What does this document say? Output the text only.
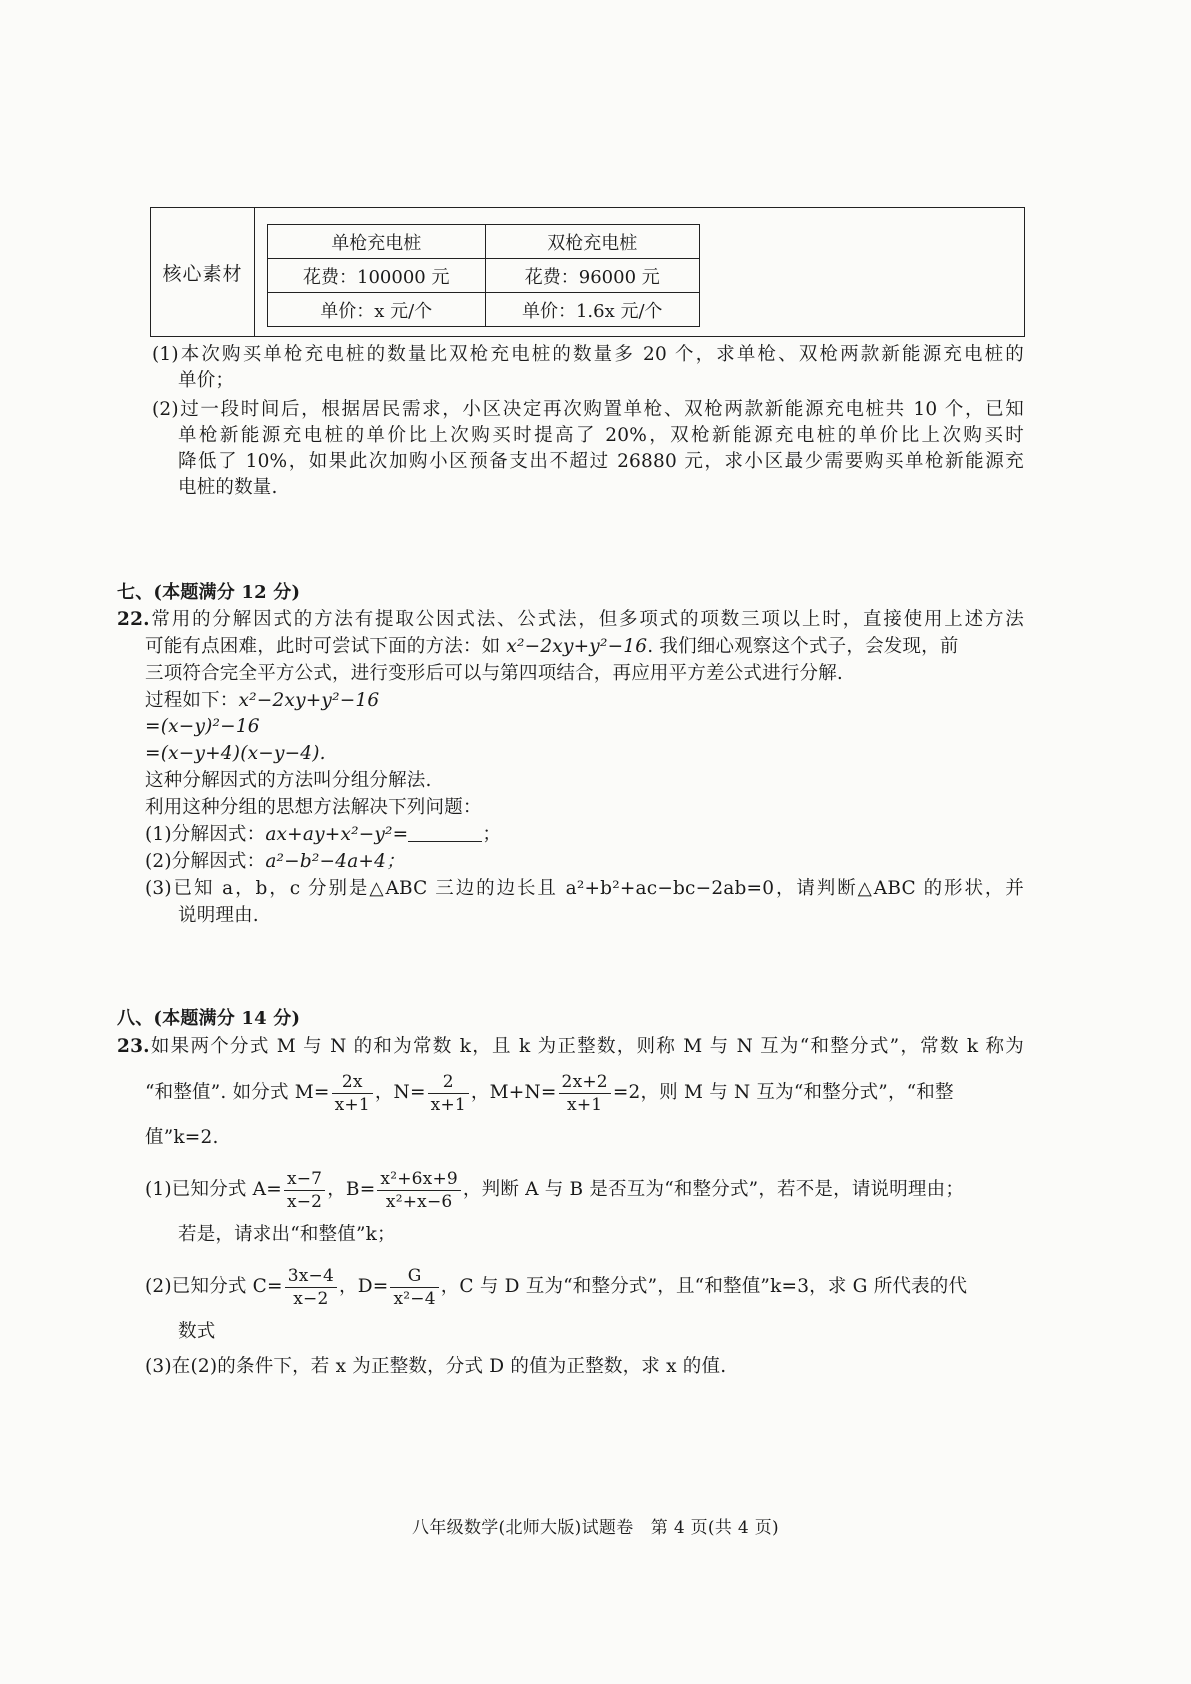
核心素材
单枪充电桩	双枪充电桩
花费：100000 元	花费：96000 元
单价：x 元/个	单价：1.6x 元/个
(1)本次购买单枪充电桩的数量比双枪充电桩的数量多 20 个，求单枪、双枪两款新能源充电桩的
单价；
(2)过一段时间后，根据居民需求，小区决定再次购置单枪、双枪两款新能源充电桩共 10 个，已知
单枪新能源充电桩的单价比上次购买时提高了 20%，双枪新能源充电桩的单价比上次购买时
降低了 10%，如果此次加购小区预备支出不超过 26880 元，求小区最少需要购买单枪新能源充
电桩的数量.
七、(本题满分 12 分)
22.常用的分解因式的方法有提取公因式法、公式法，但多项式的项数三项以上时，直接使用上述方法
可能有点困难，此时可尝试下面的方法：如 x²−2xy+y²−16. 我们细心观察这个式子，会发现，前
三项符合完全平方公式，进行变形后可以与第四项结合，再应用平方差公式进行分解.
过程如下：x²−2xy+y²−16
=(x−y)²−16
=(x−y+4)(x−y−4).
这种分解因式的方法叫分组分解法.
利用这种分组的思想方法解决下列问题：
(1)分解因式：ax+ay+x²−y²=	；
(2)分解因式：a²−b²−4a+4；
(3)已知 a，b，c 分别是△ABC 三边的边长且 a²+b²+ac−bc−2ab=0，请判断△ABC 的形状，并
说明理由.
八、(本题满分 14 分)
23.如果两个分式 M 与 N 的和为常数 k，且 k 为正整数，则称 M 与 N 互为“和整分式”，常数 k 称为
“和整值”. 如分式 $M= \frac{2x}{x+1}$ ，$N= \frac{2}{x+1}$ ，$M+N= \frac{2x+2}{x+1} =2$，则 M 与 N 互为“和整分式”，“和整
值”k=2.
(1)已知分式 $A= \frac{x-7}{x-2}$ ，$B= \frac{\text{x²+6x+9}}{\text{x²+x−6}}$ ，判断 A 与 B 是否互为“和整分式”，若不是，请说明理由；
若是，请求出“和整值”k；
(2)已知分式 $C= \frac{3x-4}{x-2}$ ，$D= \frac{G}{\text{x²−4}}$ ，C 与 D 互为“和整分式”，且“和整值”k=3，求 G 所代表的代
数式
(3)在(2)的条件下，若 x 为正整数，分式 D 的值为正整数，求 x 的值.
八年级数学(北师大版)试题卷　第 4 页(共 4 页)
